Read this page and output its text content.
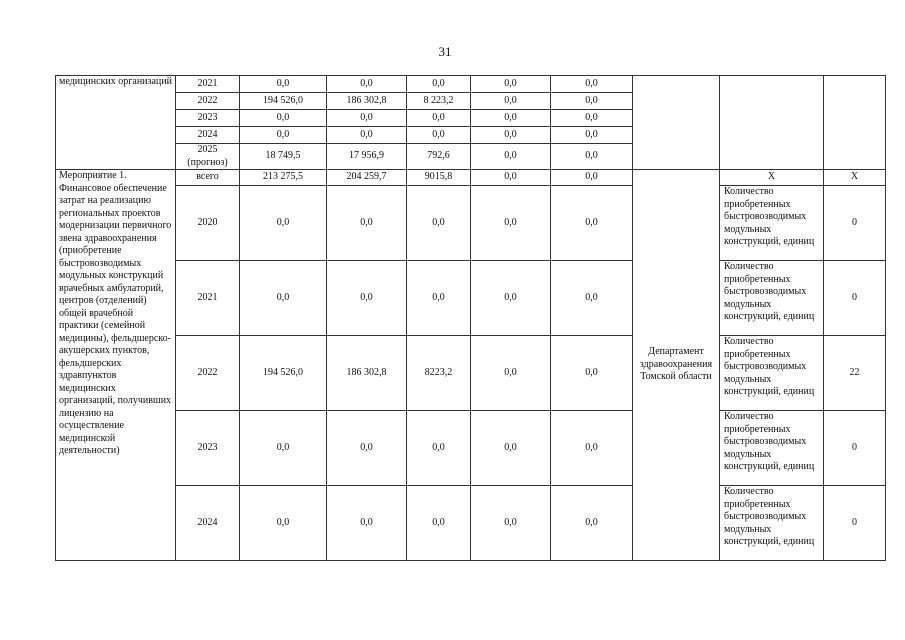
31
медицинских организаций	2021	0,0	0,0	0,0	0,0	0,0			
	2022	194 526,0	186 302,8	8 223,2	0,0	0,0			
	2023	0,0	0,0	0,0	0,0	0,0			
	2024	0,0	0,0	0,0	0,0	0,0			
	2025 (прогноз)	18 749,5	17 956,9	792,6	0,0	0,0			
Мероприятие 1. Финансовое обеспечение затрат на реализацию региональных проектов модернизации первичного звена здравоохранения (приобретение быстровозводимых модульных конструкций врачебных амбулаторий, центров (отделений) общей врачебной практики (семейной медицины), фельдшерско-акушерских пунктов, фельдшерских здравпунктов медицинских организаций, получивших лицензию на осуществление медицинской деятельности)	всего	213 275,5	204 259,7	9015,8	0,0	0,0	Департамент здравоохранения Томской области	Х	Х
	2020	0,0	0,0	0,0	0,0	0,0		Количество приобретенных быстровозводимых модульных конструкций, единиц	0
	2021	0,0	0,0	0,0	0,0	0,0		Количество приобретенных быстровозводимых модульных конструкций, единиц	0
	2022	194 526,0	186 302,8	8223,2	0,0	0,0		Количество приобретенных быстровозводимых модульных конструкций, единиц	22
	2023	0,0	0,0	0,0	0,0	0,0		Количество приобретенных быстровозводимых модульных конструкций, единиц	0
	2024	0,0	0,0	0,0	0,0	0,0		Количество приобретенных быстровозводимых модульных конструкций, единиц	0
